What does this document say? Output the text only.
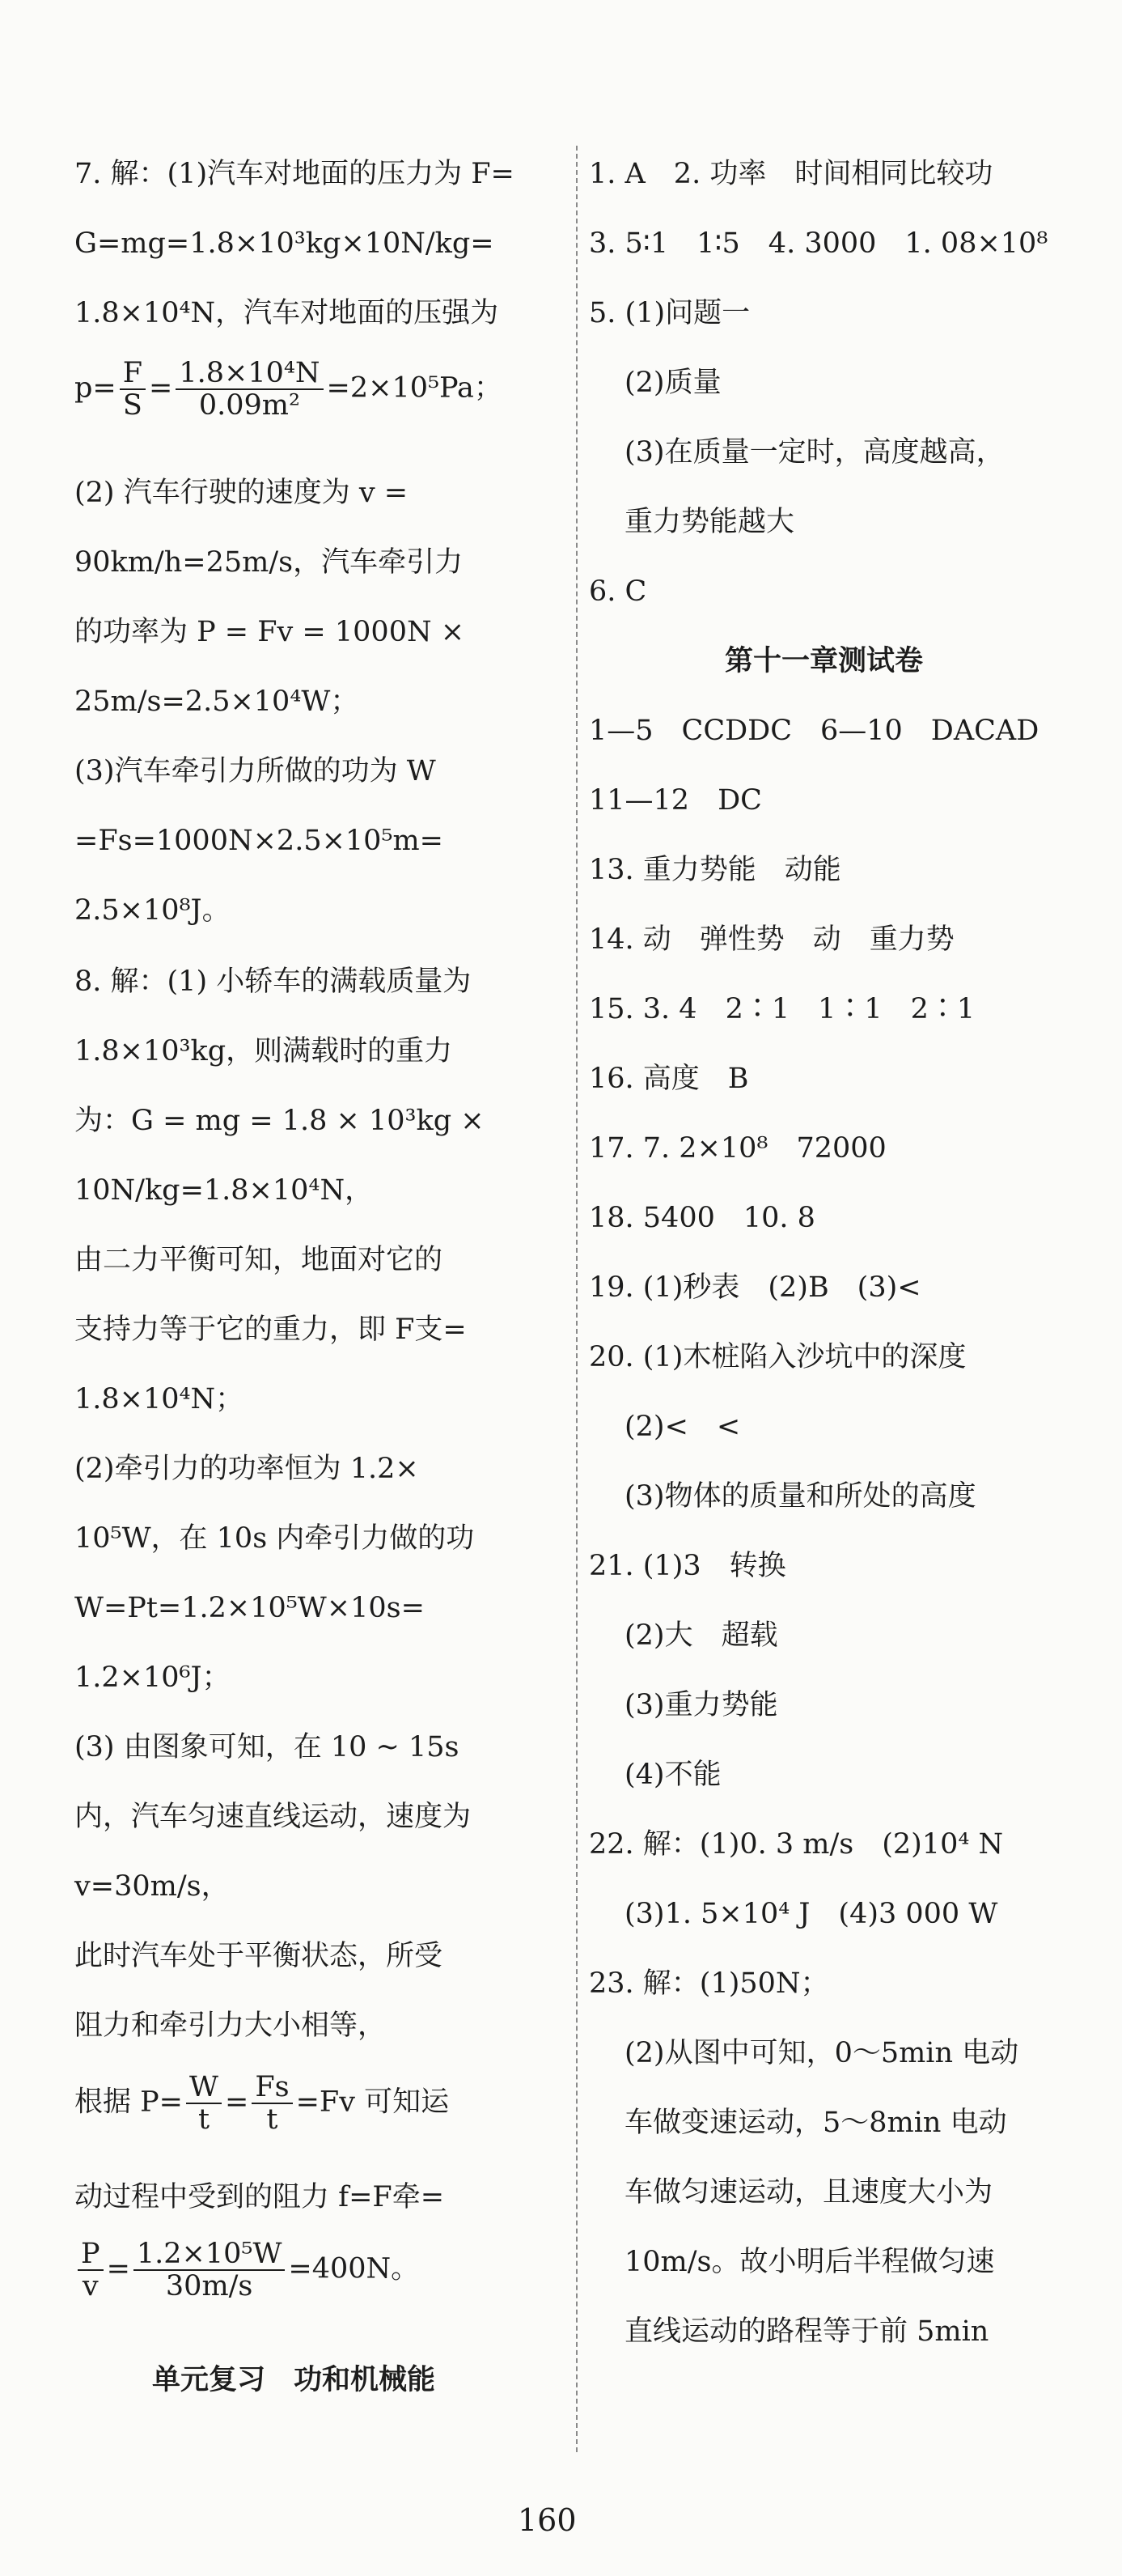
7. 解：(1)汽车对地面的压力为 F=
G=mg=1.8×10³kg×10N/kg=
1.8×10⁴N，汽车对地面的压强为
$p= \frac{F}{S} = \frac{\text{1.8×10⁴N}}{\text{0.09m²}} =2\times 10^5Pa$；
(2) 汽车行驶的速度为 v =
90km/h=25m/s，汽车牵引力
的功率为 P = Fv = 1000N ×
25m/s=2.5×10⁴W；
(3)汽车牵引力所做的功为 W
=Fs=1000N×2.5×10⁵m=
2.5×10⁸J。
8. 解：(1) 小轿车的满载质量为
1.8×10³kg，则满载时的重力
为：G = mg = 1.8 × 10³kg ×
10N/kg=1.8×10⁴N，
由二力平衡可知，地面对它的
支持力等于它的重力，即 F支=
1.8×10⁴N；
(2)牵引力的功率恒为 1.2×
10⁵W，在 10s 内牵引力做的功
W=Pt=1.2×10⁵W×10s=
1.2×10⁶J；
(3) 由图象可知，在 10 ~ 15s
内，汽车匀速直线运动，速度为
v=30m/s，
此时汽车处于平衡状态，所受
阻力和牵引力大小相等，
根据 $P= \frac{W}{t} = \frac{Fs}{t} =Fv$ 可知运
动过程中受到的阻力 f=F牵=
$\frac{P}{v} = \frac{\text{1.2×10⁵W}}{30m/s} =400N$。
单元复习　功和机械能
1. A　2. 功率　时间相同比较功
3. 5∶1　1∶5　4. 3000　1. 08×10⁸
5. (1)问题一
(2)质量
(3)在质量一定时，高度越高，
重力势能越大
6. C
第十一章测试卷
1—5　CCDDC　6—10　DACAD
11—12　DC
13. 重力势能　动能
14. 动　弹性势　动　重力势
15. 3. 4　2∶1　1∶1　2∶1
16. 高度　B
17. 7. 2×10⁸　72000
18. 5400　10. 8
19. (1)秒表　(2)B　(3)<
20. (1)木桩陷入沙坑中的深度
(2)<　<
(3)物体的质量和所处的高度
21. (1)3　转换
(2)大　超载
(3)重力势能
(4)不能
22. 解：(1)0. 3 m/s　(2)10⁴ N
(3)1. 5×10⁴ J　(4)3 000 W
23. 解：(1)50N；
(2)从图中可知，0～5min 电动
车做变速运动，5～8min 电动
车做匀速运动，且速度大小为
10m/s。故小明后半程做匀速
直线运动的路程等于前 5min
160
